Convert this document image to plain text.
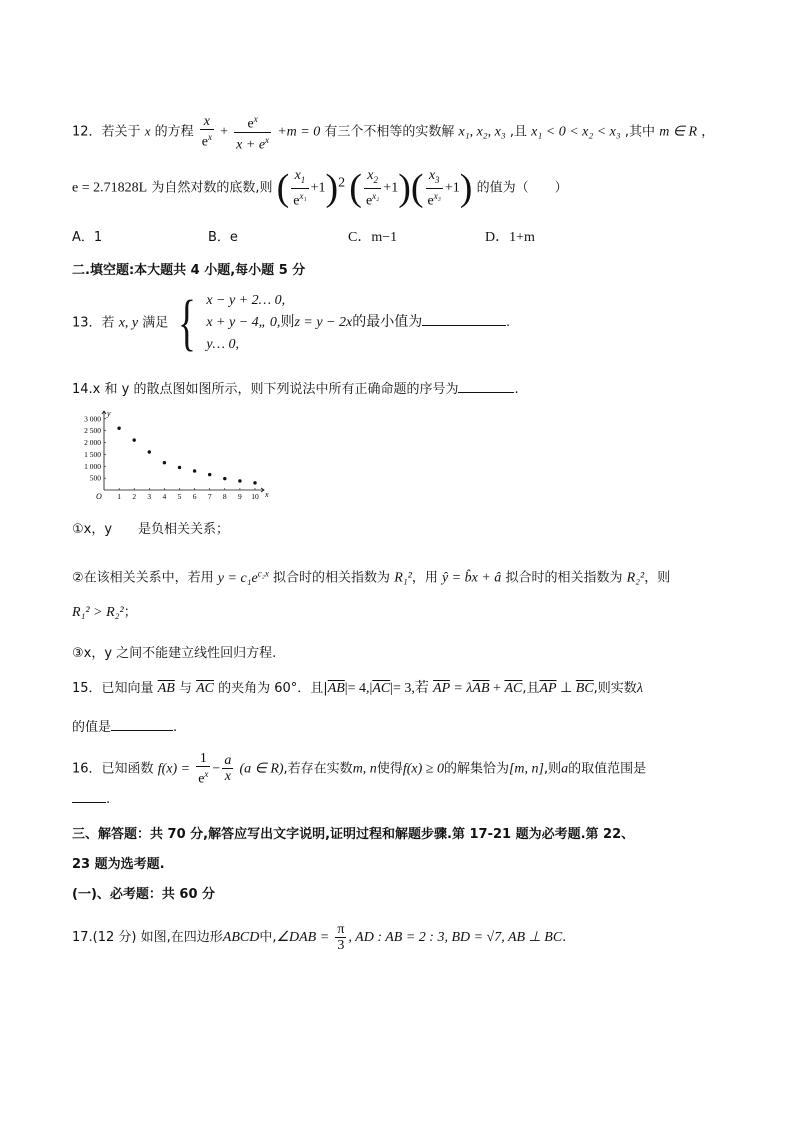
12．若关于 x 的方程 $\frac{x}{e^x} + \frac{e^x}{x + e^x} +m = 0$ 有三个不相等的实数解 x₁, x₂, x₃ ,且 x₁ < 0 < x₂ < x₃ ,其中 m ∈ R ，
e = 2.71828L 为自然对数的底数,则 ( $\frac{x_1}{e^{x_1}} +1)^2$ ( $\frac{x_2}{e^{x_2}} +1)( \frac{x_3}{e^{x_3}} +1)$ 的值为（　　）
A．1	B．e	C．m−1	D．1+m
二.填空题:本大题共 4 小题,每小题 5 分
13．若 x, y 满足 { x − y + 2… 0,
x + y − 4„ 0,则z = y − 2x的最小值为	.
y… 0,
14.x 和 y 的散点图如图所示，则下列说法中所有正确命题的序号为	.
x
y
O 1 2 3 4 5 6 7 8 9 10
500
1 000
1 500
2 000
2 500
3 000
①x，y　　是负相关关系；
②在该相关关系中，若用 $y = c_1e^{c_2x}$ 拟合时的相关指数为 R₁²，用 ŷ = b̂x + â 拟合时的相关指数为 R₂²，则
R₁² > R₂²；
③x，y 之间不能建立线性回归方程.
15．已知向量 $\overline{AB}$ 与 $\overline{AC}$ 的夹角为 60°．且$|\overline{AB}|= 4,|\overline{AC}|= 3$,若 $\overline{AP} = \lambda\overline{AB} + \overline{AC}$,且$\overline{AP}$ ⊥ $\overline{BC}$,则实数λ
的值是	.
16．已知函数 $f(x) = \frac{1}{e^x} - \frac{a}{x} (a$ ∈ R),若存在实数m, n使得f(x) ≥ 0的解集恰为[m, n],则a的取值范围是
.
三、解答题：共 70 分,解答应写出文字说明,证明过程和解题步骤.第 17-21 题为必考题.第 22、
23 题为选考题.
(一)、必考题：共 60 分
17.(12 分) 如图,在四边形ABCD中,∠DAB = $\frac{\pi}{3}$ , AD : AB = 2 : 3, BD = √7, AB ⊥ BC.
